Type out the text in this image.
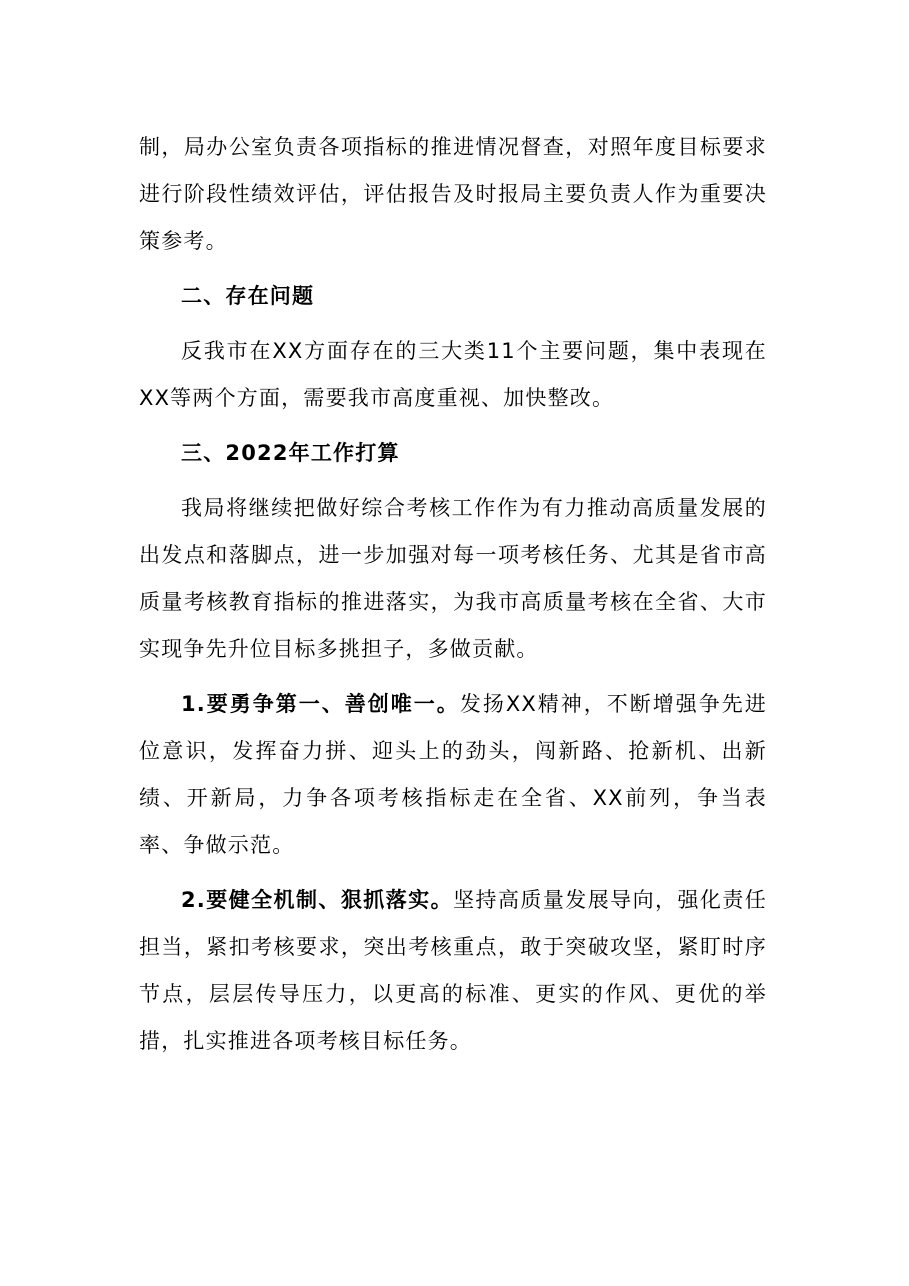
制，局办公室负责各项指标的推进情况督查，对照年度目标要求进行阶段性绩效评估，评估报告及时报局主要负责人作为重要决策参考。

二、存在问题

反我市在XX方面存在的三大类11个主要问题，集中表现在XX等两个方面，需要我市高度重视、加快整改。

三、2022年工作打算

我局将继续把做好综合考核工作作为有力推动高质量发展的出发点和落脚点，进一步加强对每一项考核任务、尤其是省市高质量考核教育指标的推进落实，为我市高质量考核在全省、大市实现争先升位目标多挑担子，多做贡献。

1.要勇争第一、善创唯一。发扬XX精神，不断增强争先进位意识，发挥奋力拼、迎头上的劲头，闯新路、抢新机、出新绩、开新局，力争各项考核指标走在全省、XX前列，争当表率、争做示范。

2.要健全机制、狠抓落实。坚持高质量发展导向，强化责任担当，紧扣考核要求，突出考核重点，敢于突破攻坚，紧盯时序节点，层层传导压力，以更高的标准、更实的作风、更优的举措，扎实推进各项考核目标任务。
